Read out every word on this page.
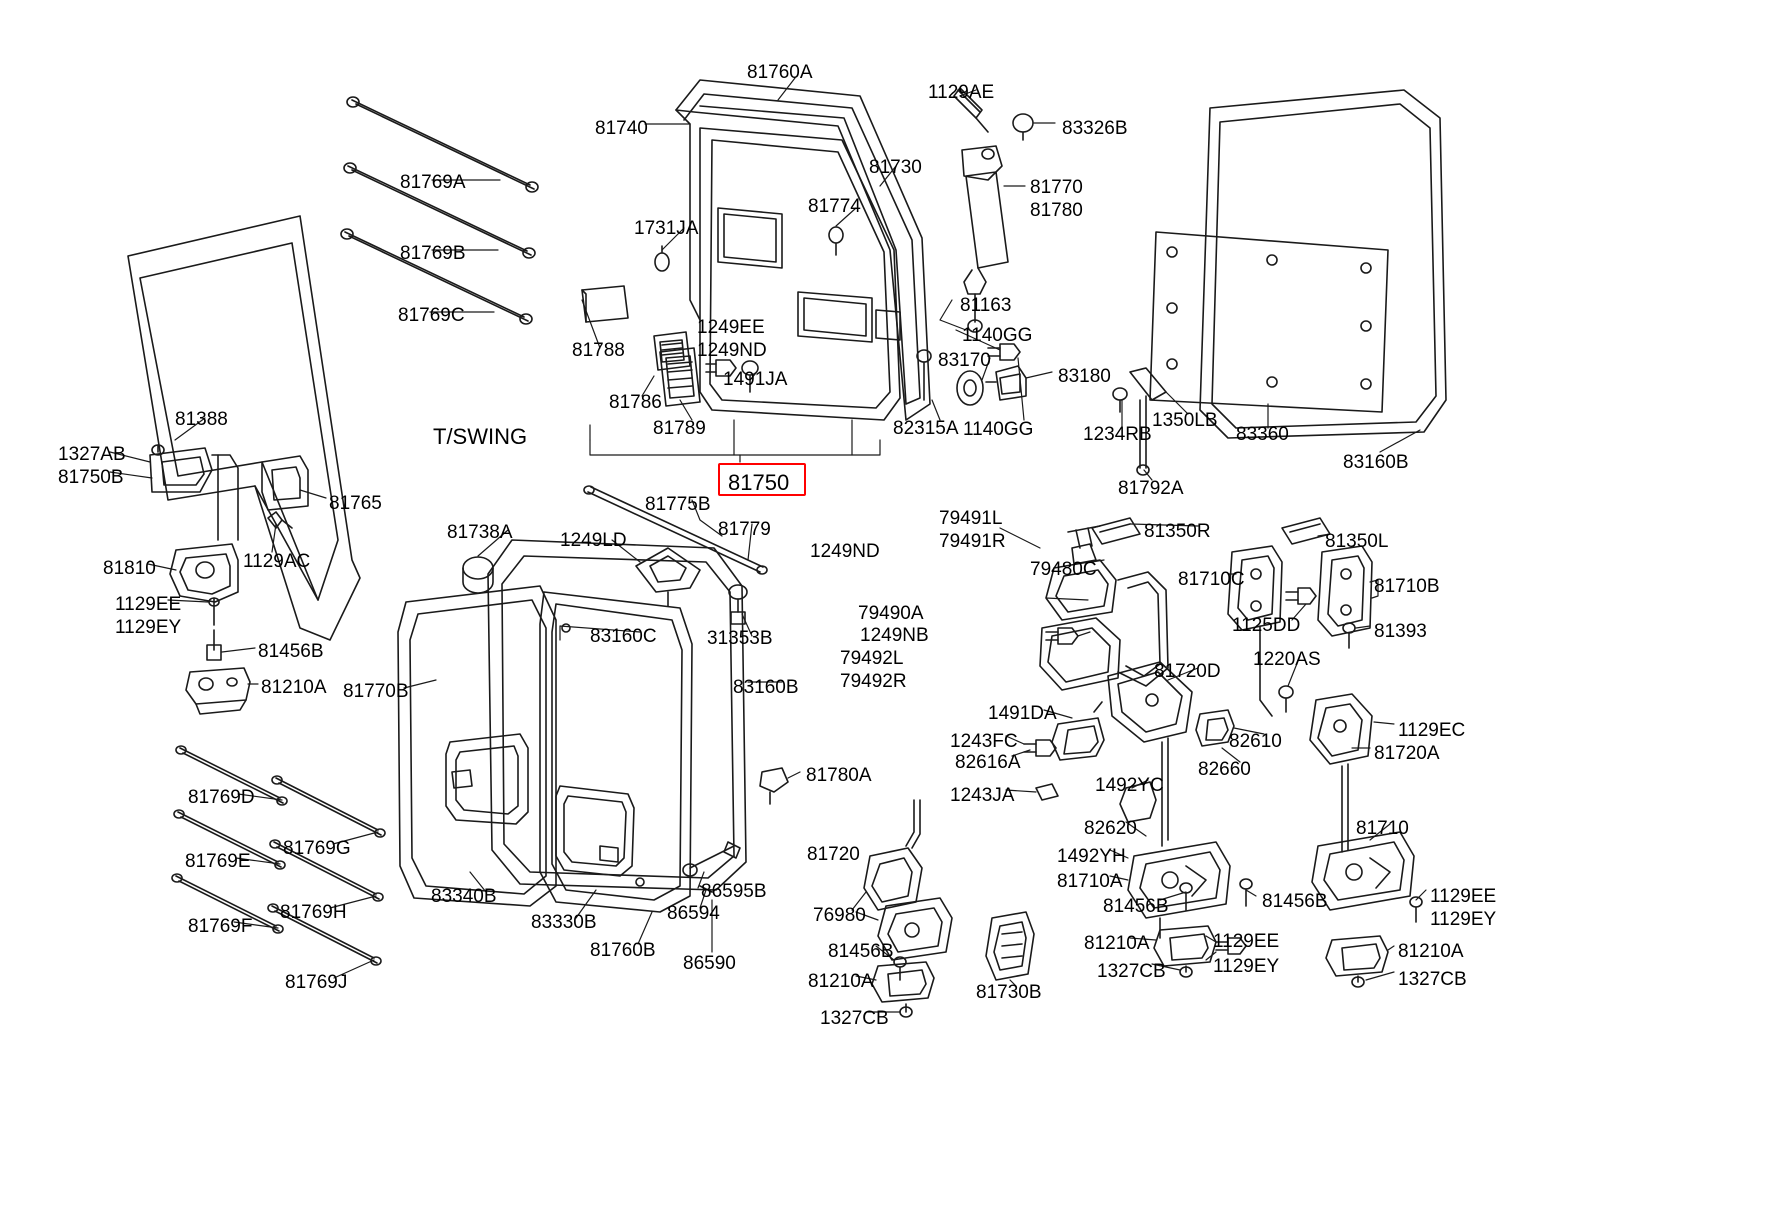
81769A
81769B
81769C
81760A
81740
1129AE
83326B
81730
81774
81770
81780
1731JA
81163
1140GG
83170
83180
1249EE
1249ND
81788
81786
1491JA
81789	82315A 1140GG	1234RB
1350LB
83360
83160B
81792A
81388
1327AB
81750B
81765
1129AC
81810
1129EE
1129EY
81456B
81210A
T/SWING
81750
81775B
81779
1249LD
81738A
1249ND
79491L
79491R	81350R	81350L
79480C	81710C	81710B
79490A
1249NB	1125DD	81393
79492L
79492R
1220AS
83160C	31353B
83160B
81770B
81720D
1491DA
82610
1129EC
1243FC
82616A	82660
81720A
1492YC
1243JA
81780A
82620	81710
1492YH
81720
81710A
1129EE
1129EY
86595B
86594
83340B
83330B
81760B
86590
81456B	81456B
76980
81456B	81210A	1129EE	81210A
1327CB 1129EY
1327CB
81210A
81730B
1327CB
81769D
81769G
81769E
81769H
81769F
81769J
